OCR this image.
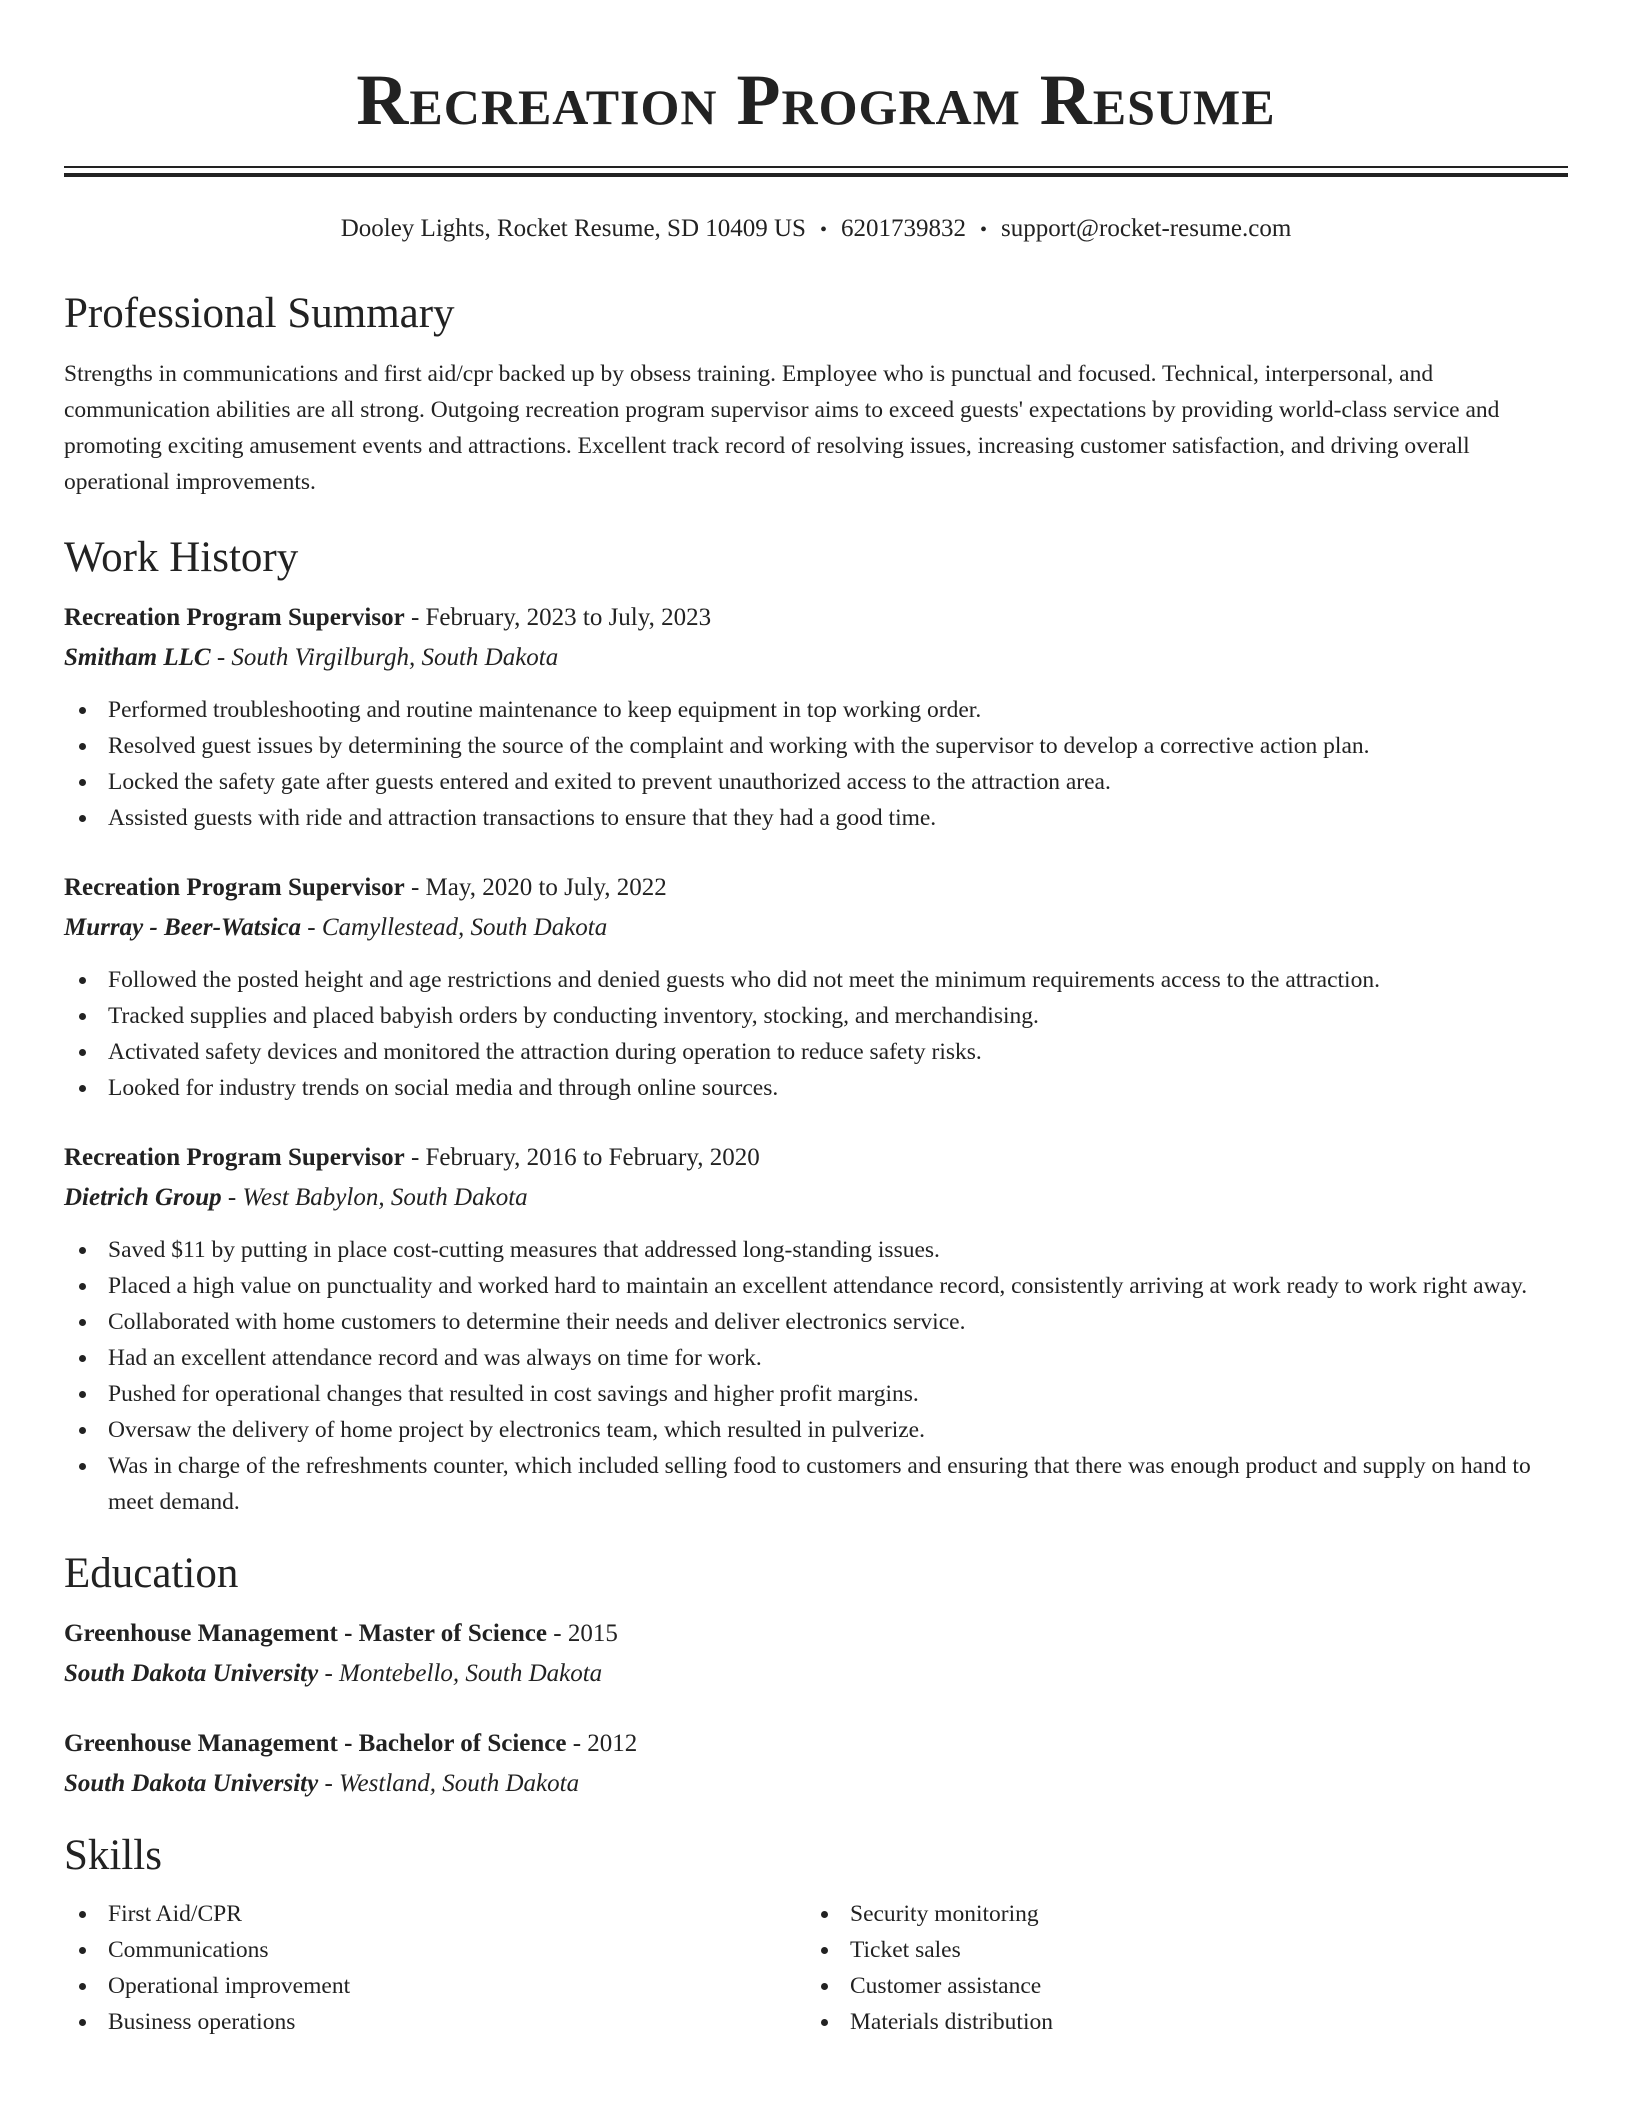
Recreation Program Resume
Dooley Lights, Rocket Resume, SD 10409 US • 6201739832 • support@rocket-resume.com
Professional Summary

Strengths in communications and first aid/cpr backed up by obsess training. Employee who is punctual and focused. Technical, interpersonal, and communication abilities are all strong. Outgoing recreation program supervisor aims to exceed guests' expectations by providing world-class service and promoting exciting amusement events and attractions. Excellent track record of resolving issues, increasing customer satisfaction, and driving overall operational improvements.

Work History
Recreation Program Supervisor - February, 2023 to July, 2023
Smitham LLC - South Virgilburgh, South Dakota
Performed troubleshooting and routine maintenance to keep equipment in top working order.
Resolved guest issues by determining the source of the complaint and working with the supervisor to develop a corrective action plan.
Locked the safety gate after guests entered and exited to prevent unauthorized access to the attraction area.
Assisted guests with ride and attraction transactions to ensure that they had a good time.
Recreation Program Supervisor - May, 2020 to July, 2022
Murray - Beer-Watsica - Camyllestead, South Dakota
Followed the posted height and age restrictions and denied guests who did not meet the minimum requirements access to the attraction.
Tracked supplies and placed babyish orders by conducting inventory, stocking, and merchandising.
Activated safety devices and monitored the attraction during operation to reduce safety risks.
Looked for industry trends on social media and through online sources.
Recreation Program Supervisor - February, 2016 to February, 2020
Dietrich Group - West Babylon, South Dakota
Saved $11 by putting in place cost-cutting measures that addressed long-standing issues.
Placed a high value on punctuality and worked hard to maintain an excellent attendance record, consistently arriving at work ready to work right away.
Collaborated with home customers to determine their needs and deliver electronics service.
Had an excellent attendance record and was always on time for work.
Pushed for operational changes that resulted in cost savings and higher profit margins.
Oversaw the delivery of home project by electronics team, which resulted in pulverize.
Was in charge of the refreshments counter, which included selling food to customers and ensuring that there was enough product and supply on hand to meet demand.
Education
Greenhouse Management - Master of Science - 2015
South Dakota University - Montebello, South Dakota
Greenhouse Management - Bachelor of Science - 2012
South Dakota University - Westland, South Dakota
Skills
First Aid/CPR
Communications
Operational improvement
Business operations
Security monitoring
Ticket sales
Customer assistance
Materials distribution
